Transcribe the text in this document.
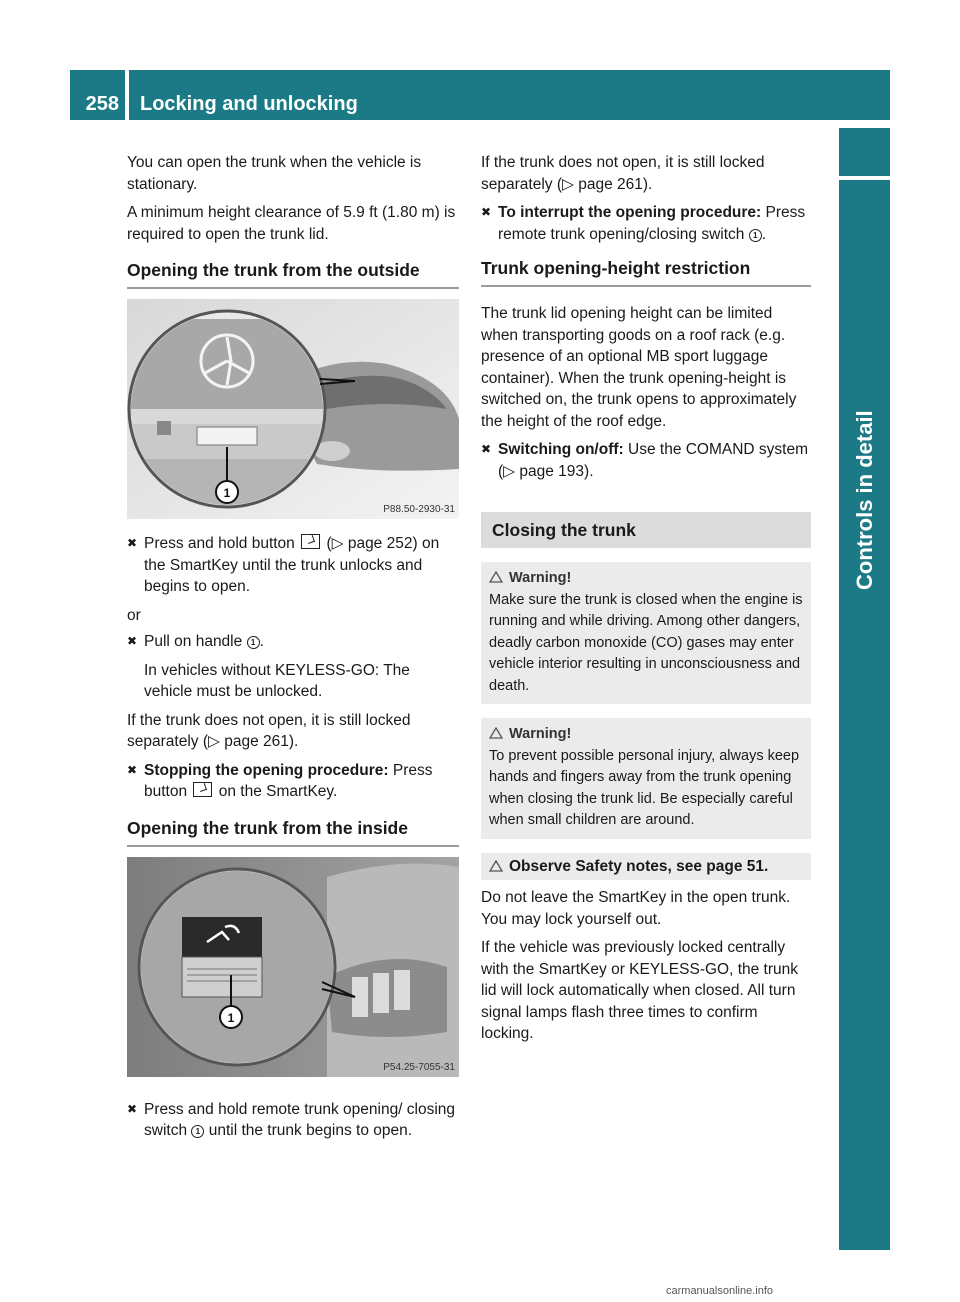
258 Locking and unlocking
Controls in detail

You can open the trunk when the vehicle is stationary.

A minimum height clearance of 5.9 ft (1.80 m) is required to open the trunk lid.

Opening the trunk from the outside
1
P88.50-2930-31
✖ Press and hold button (▷ page 252) on the SmartKey until the trunk unlocks and begins to open.

or

✖ Pull on handle 1 .

In vehicles without KEYLESS-GO: The vehicle must be unlocked.

If the trunk does not open, it is still locked separately (▷ page 261).

✖ Stopping the opening procedure: Press button on the SmartKey.
Opening the trunk from the inside
1
P54.25-7055-31
✖ Press and hold remote trunk opening/ closing switch 1 until the trunk begins to open.

If the trunk does not open, it is still locked separately (▷ page 261).

✖ To interrupt the opening procedure: Press remote trunk opening/closing switch 1 .
Trunk opening-height restriction

The trunk lid opening height can be limited when transporting goods on a roof rack (e.g. presence of an optional MB sport luggage container). When the trunk opening-height is switched on, the trunk opens to approximately the height of the roof edge.

✖ Switching on/off: Use the COMAND system (▷ page 193).
Closing the trunk
Warning!
Make sure the trunk is closed when the engine is running and while driving. Among other dangers, deadly carbon monoxide (CO) gases may enter vehicle interior resulting in unconsciousness and death.
Warning!
To prevent possible personal injury, always keep hands and fingers away from the trunk opening when closing the trunk lid. Be especially careful when small children are around.
Observe Safety notes, see page 51.

Do not leave the SmartKey in the open trunk. You may lock yourself out.

If the vehicle was previously locked centrally with the SmartKey or KEYLESS-GO, the trunk lid will lock automatically when closed. All turn signal lamps flash three times to confirm locking.

carmanualsonline.info
